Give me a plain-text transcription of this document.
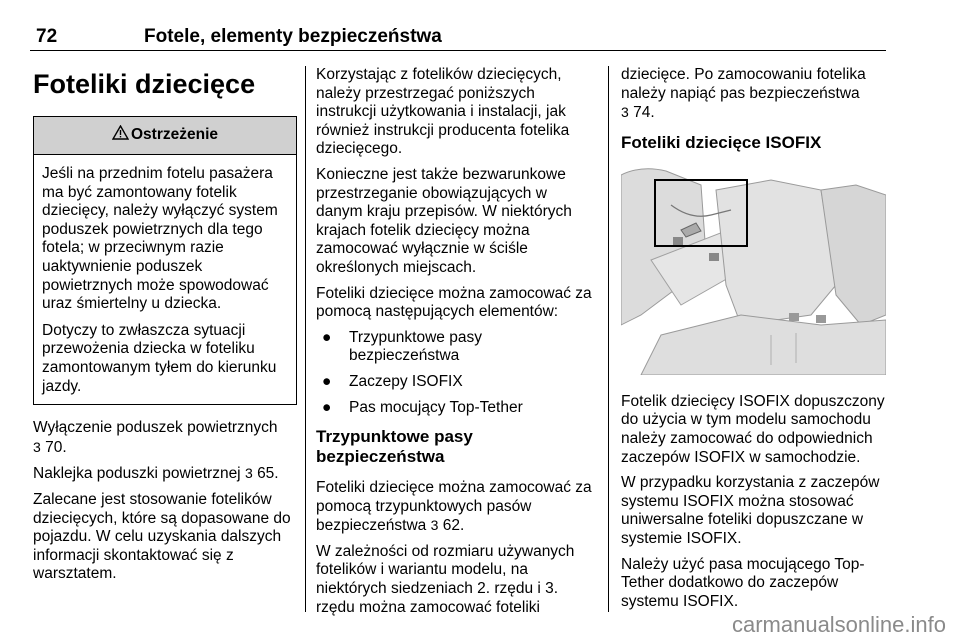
72	Fotele, elementy bezpieczeństwa
Foteliki dziecięce
Ostrzeżenie

Jeśli na przednim fotelu pasażera ma być zamontowany fotelik dziecięcy, należy wyłączyć system poduszek powietrznych dla tego fotela; w przeciwnym razie uaktywnienie poduszek powietrznych może spowodować uraz śmiertelny u dziecka.

Dotyczy to zwłaszcza sytuacji przewożenia dziecka w foteliku zamontowanym tyłem do kierunku jazdy.

Wyłączenie poduszek powietrznych
3 70.

Naklejka poduszki powietrznej 3 65.

Zalecane jest stosowanie fotelików dziecięcych, które są dopasowane do pojazdu. W celu uzyskania dalszych informacji skontaktować się z warsztatem.

Korzystając z fotelików dziecięcych, należy przestrzegać poniższych instrukcji użytkowania i instalacji, jak również instrukcji producenta fotelika dziecięcego.

Konieczne jest także bezwarunkowe przestrzeganie obowiązujących w danym kraju przepisów. W niektórych krajach fotelik dziecięcy można zamocować wyłącznie w ściśle określonych miejscach.

Foteliki dziecięce można zamocować za pomocą następujących elementów:

● Trzypunktowe pasy bezpieczeństwa
● Zaczepy ISOFIX
● Pas mocujący Top-Tether
Trzypunktowe pasy bezpieczeństwa

Foteliki dziecięce można zamocować za pomocą trzypunktowych pasów bezpieczeństwa 3 62.

W zależności od rozmiaru używanych fotelików i wariantu modelu, na niektórych siedzeniach 2. rzędu i 3. rzędu można zamocować foteliki

dziecięce. Po zamocowaniu fotelika należy napiąć pas bezpieczeństwa
3 74.

Foteliki dziecięce ISOFIX

Fotelik dziecięcy ISOFIX dopuszczony do użycia w tym modelu samochodu należy zamocować do odpowiednich zaczepów ISOFIX w samochodzie.

W przypadku korzystania z zaczepów systemu ISOFIX można stosować uniwersalne foteliki dopuszczane w systemie ISOFIX.

Należy użyć pasa mocującego Top-Tether dodatkowo do zaczepów systemu ISOFIX.

carmanualsonline.info
